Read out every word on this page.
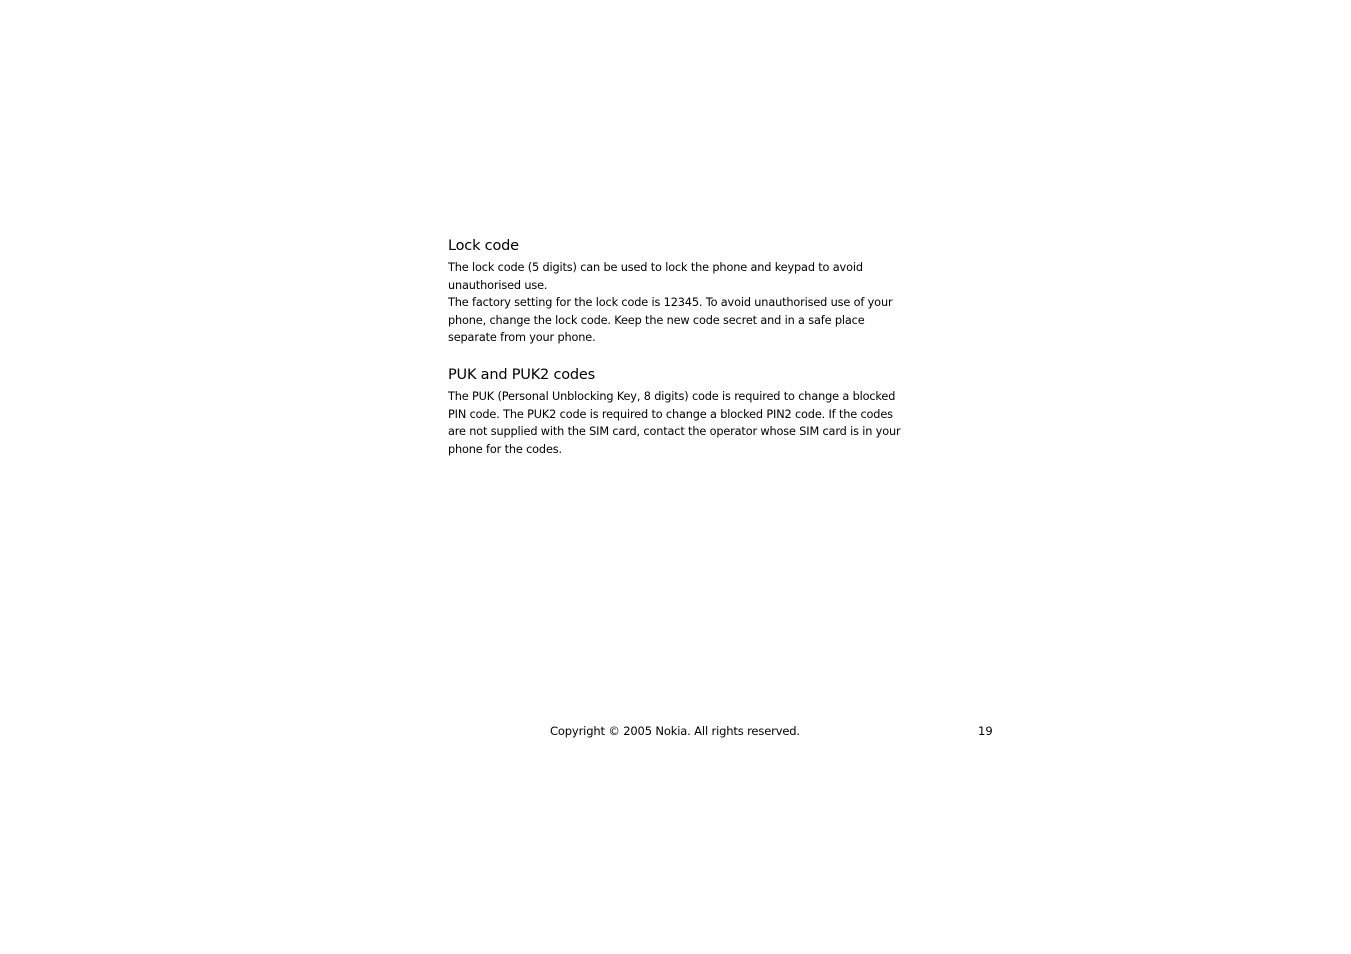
Lock code

The lock code (5 digits) can be used to lock the phone and keypad to avoid unauthorised use.

The factory setting for the lock code is 12345. To avoid unauthorised use of your phone, change the lock code. Keep the new code secret and in a safe place separate from your phone.

PUK and PUK2 codes

The PUK (Personal Unblocking Key, 8 digits) code is required to change a blocked PIN code. The PUK2 code is required to change a blocked PIN2 code. If the codes are not supplied with the SIM card, contact the operator whose SIM card is in your phone for the codes.

Copyright © 2005 Nokia. All rights reserved.	19
